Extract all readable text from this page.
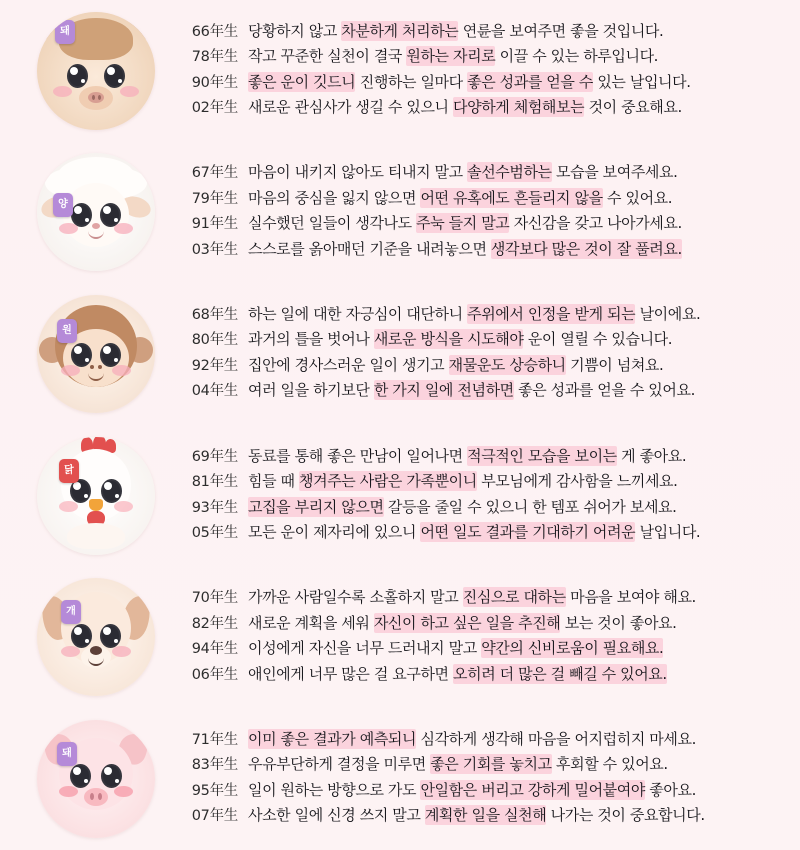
돼	66年生 당황하지 않고 차분하게 처리하는 연륜을 보여주면 좋을 것입니다.
78年生 작고 꾸준한 실천이 결국 원하는 자리로 이끌 수 있는 하루입니다.
90年生 좋은 운이 깃드니 진행하는 일마다 좋은 성과를 얻을 수 있는 날입니다.
02年生 새로운 관심사가 생길 수 있으니 다양하게 체험해보는 것이 중요해요.
양
67年生 마음이 내키지 않아도 티내지 말고 솔선수범하는 모습을 보여주세요.
79年生 마음의 중심을 잃지 않으면 어떤 유혹에도 흔들리지 않을 수 있어요.
91年生 실수했던 일들이 생각나도 주눅 들지 말고 자신감을 갖고 나아가세요.
03年生 스스로를 옭아매던 기준을 내려놓으면 생각보다 많은 것이 잘 풀려요.
원
68年生 하는 일에 대한 자긍심이 대단하니 주위에서 인정을 받게 되는 날이에요.
80年生 과거의 틀을 벗어나 새로운 방식을 시도해야 운이 열릴 수 있습니다.
92年生 집안에 경사스러운 일이 생기고 재물운도 상승하니 기쁨이 넘쳐요.
04年生 여러 일을 하기보단 한 가지 일에 전념하면 좋은 성과를 얻을 수 있어요.
닭
69年生 동료를 통해 좋은 만남이 일어나면 적극적인 모습을 보이는 게 좋아요.
81年生 힘들 때 챙겨주는 사람은 가족뿐이니 부모님에게 감사함을 느끼세요.
93年生 고집을 부리지 않으면 갈등을 줄일 수 있으니 한 템포 쉬어가 보세요.
05年生 모든 운이 제자리에 있으니 어떤 일도 결과를 기대하기 어려운 날입니다.
개
70年生 가까운 사람일수록 소홀하지 말고 진심으로 대하는 마음을 보여야 해요.
82年生 새로운 계획을 세워 자신이 하고 싶은 일을 추진해 보는 것이 좋아요.
94年生 이성에게 자신을 너무 드러내지 말고 약간의 신비로움이 필요해요.
06年生 애인에게 너무 많은 걸 요구하면 오히려 더 많은 걸 빼길 수 있어요.
돼
71年生 이미 좋은 결과가 예측되니 심각하게 생각해 마음을 어지럽히지 마세요.
83年生 우유부단하게 결정을 미루면 좋은 기회를 놓치고 후회할 수 있어요.
95年生 일이 원하는 방향으로 가도 안일함은 버리고 강하게 밀어붙여야 좋아요.
07年生 사소한 일에 신경 쓰지 말고 계획한 일을 실천해 나가는 것이 중요합니다.
